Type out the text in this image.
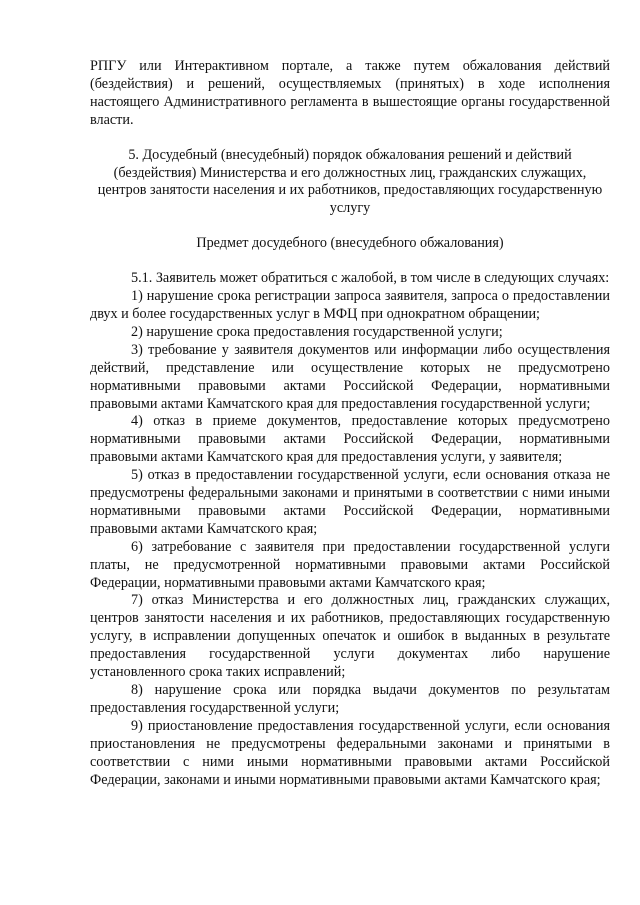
РПГУ или Интерактивном портале, а также путем обжалования действий (бездействия) и решений, осуществляемых (принятых) в ходе исполнения настоящего Административного регламента в вышестоящие органы государственной власти.

5. Досудебный (внесудебный) порядок обжалования решений и действий (бездействия) Министерства и его должностных лиц, гражданских служащих, центров занятости населения и их работников, предоставляющих государственную услугу

Предмет досудебного (внесудебного обжалования)

5.1. Заявитель может обратиться с жалобой, в том числе в следующих случаях:

1) нарушение срока регистрации запроса заявителя, запроса о предоставлении двух и более государственных услуг в МФЦ при однократном обращении;

2) нарушение срока предоставления государственной услуги;

3) требование у заявителя документов или информации либо осуществления действий, представление или осуществление которых не предусмотрено нормативными правовыми актами Российской Федерации, нормативными правовыми актами Камчатского края для предоставления государственной услуги;

4) отказ в приеме документов, предоставление которых предусмотрено нормативными правовыми актами Российской Федерации, нормативными правовыми актами Камчатского края для предоставления услуги, у заявителя;

5) отказ в предоставлении государственной услуги, если основания отказа не предусмотрены федеральными законами и принятыми в соответствии с ними иными нормативными правовыми актами Российской Федерации, нормативными правовыми актами Камчатского края;

6) затребование с заявителя при предоставлении государственной услуги платы, не предусмотренной нормативными правовыми актами Российской Федерации, нормативными правовыми актами Камчатского края;

7) отказ Министерства и его должностных лиц, гражданских служащих, центров занятости населения и их работников, предоставляющих государственную услугу, в исправлении допущенных опечаток и ошибок в выданных в результате предоставления государственной услуги документах либо нарушение установленного срока таких исправлений;

8) нарушение срока или порядка выдачи документов по результатам предоставления государственной услуги;

9) приостановление предоставления государственной услуги, если основания приостановления не предусмотрены федеральными законами и принятыми в соответствии с ними иными нормативными правовыми актами Российской Федерации, законами и иными нормативными правовыми актами Камчатского края;
